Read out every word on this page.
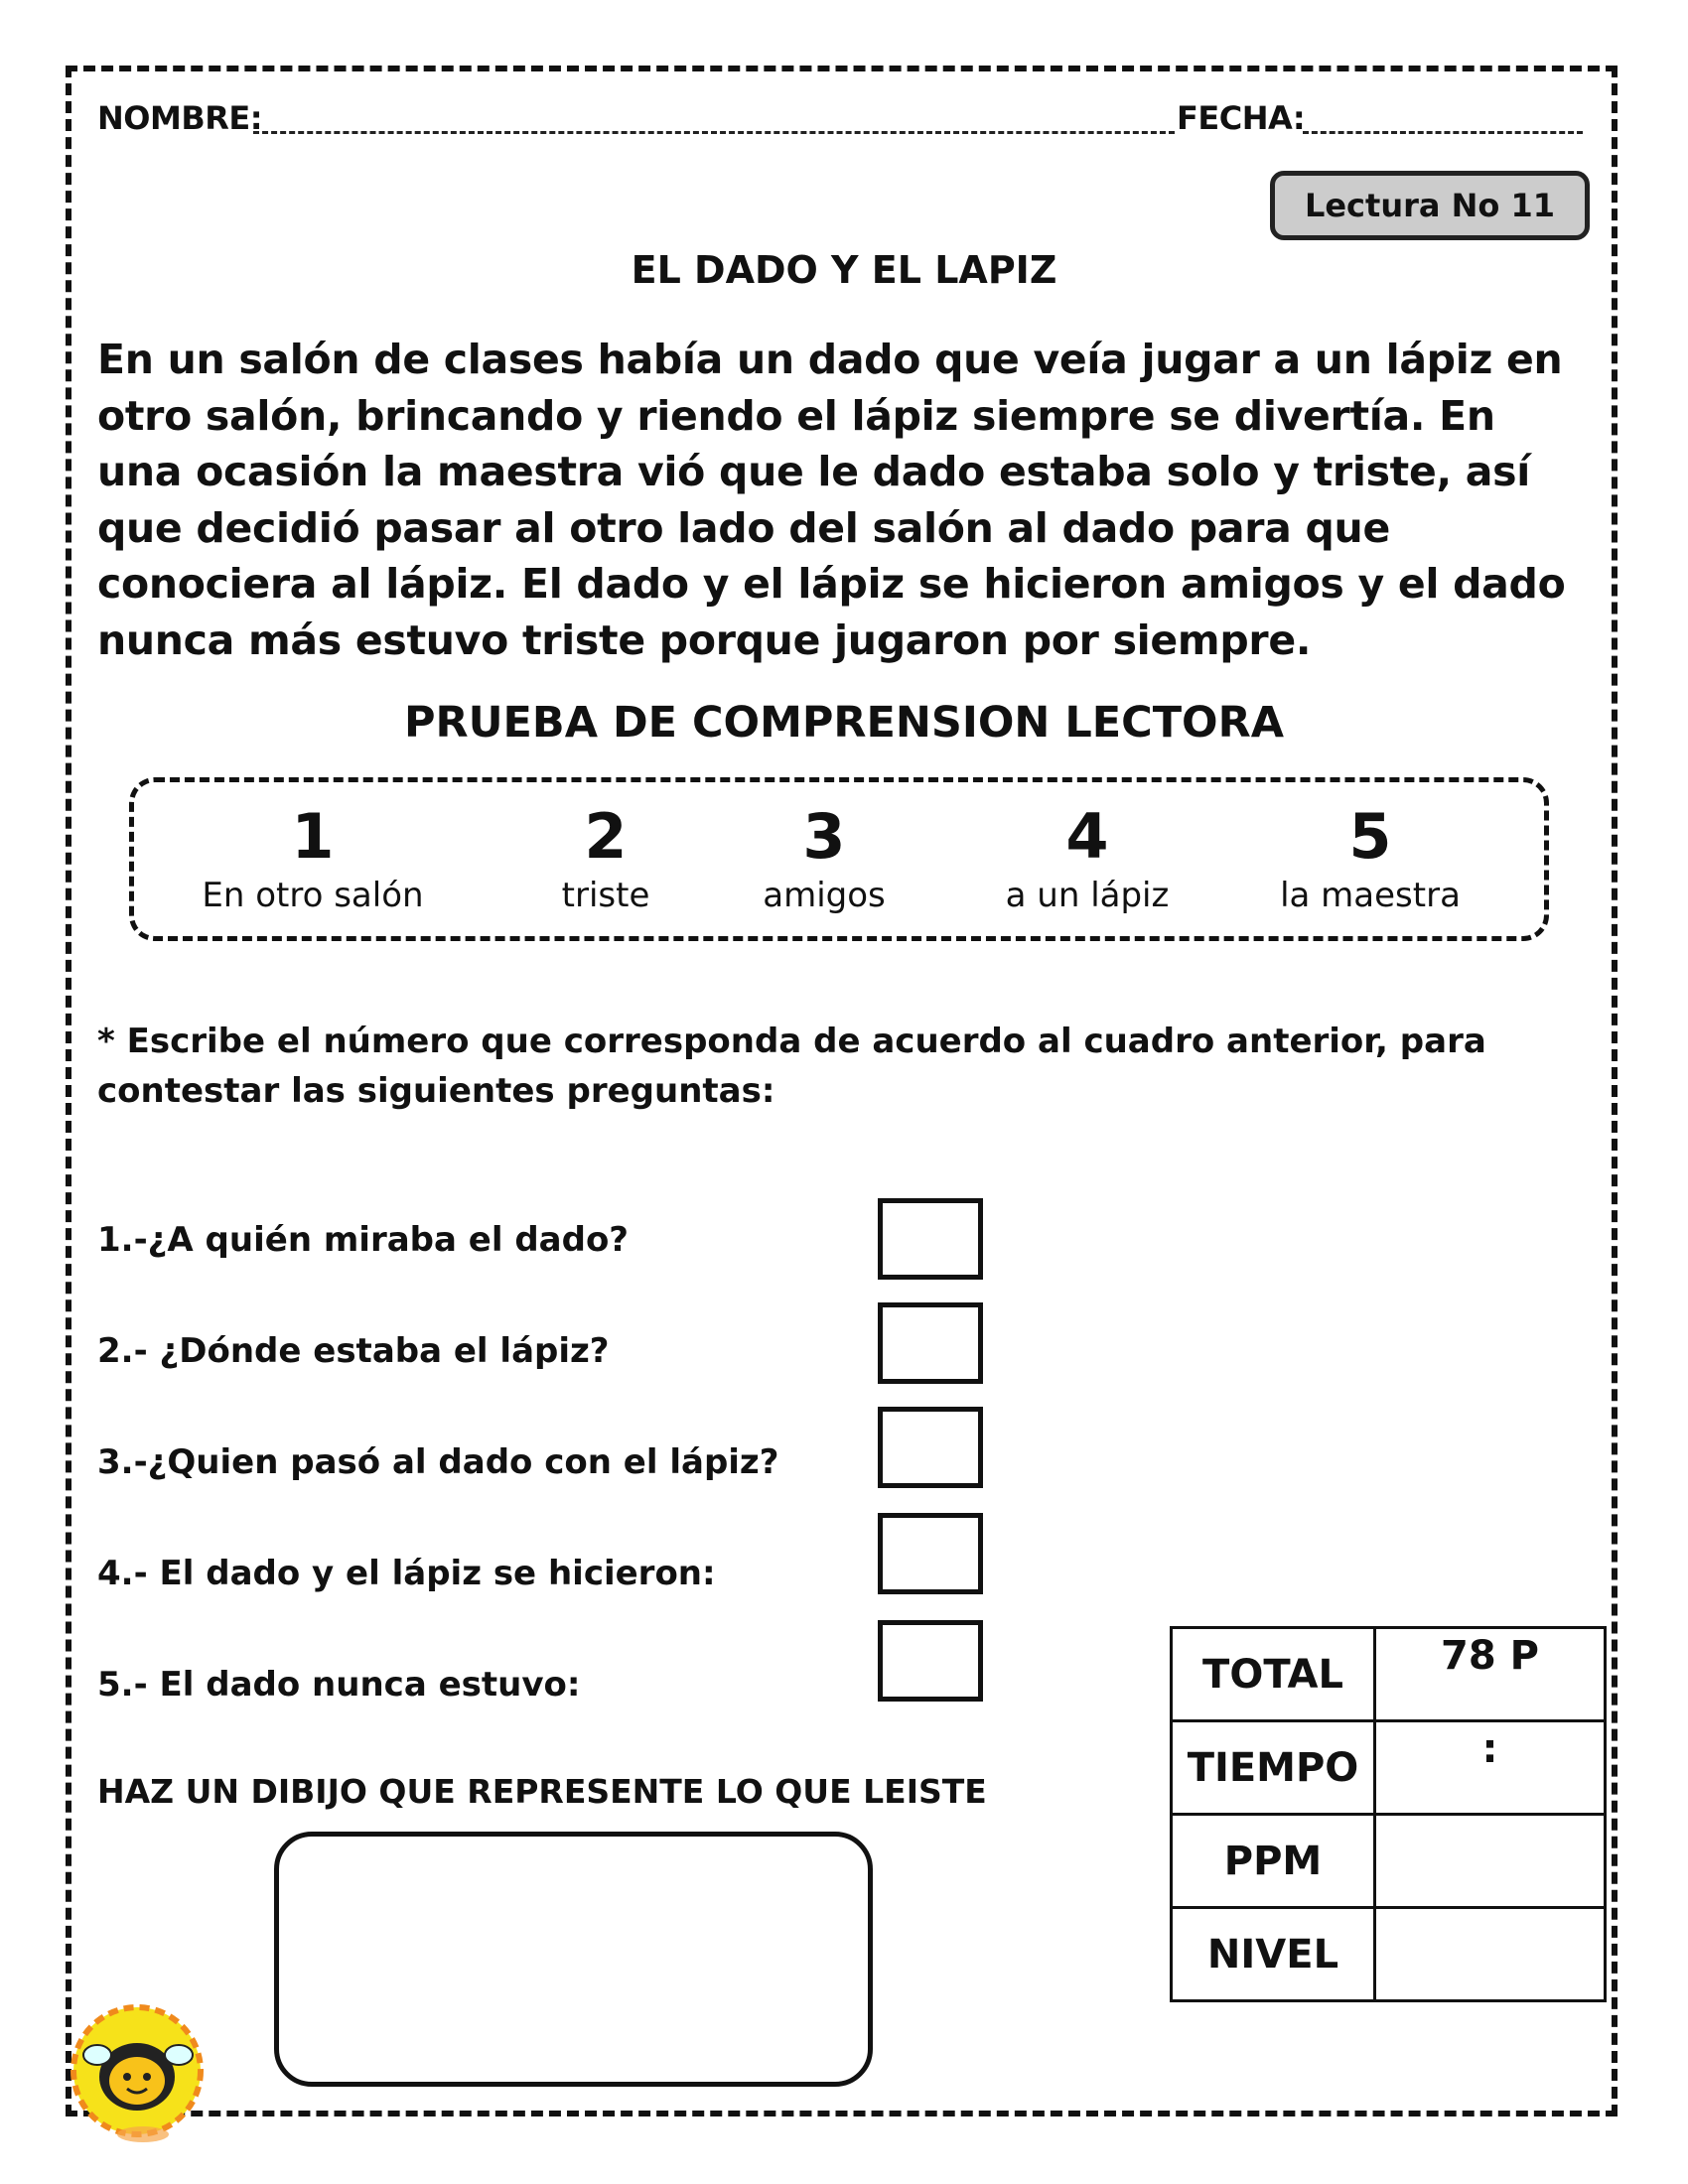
NOMBRE:	FECHA:
Lectura No 11
EL DADO Y EL LAPIZ
En un salón de clases había un dado que veía jugar a un lápiz en otro salón, brincando y riendo el lápiz siempre se divertía. En una ocasión la maestra vió que le dado estaba solo y triste, así que decidió pasar al otro lado del salón al dado para que conociera al lápiz. El dado y el lápiz se hicieron amigos y el dado nunca más estuvo triste porque jugaron por siempre.
PRUEBA DE COMPRENSION LECTORA
1
En otro salón
2
triste
3
amigos
4
a un lápiz
5
la maestra
* Escribe el número que corresponda de acuerdo al cuadro anterior, para contestar las siguientes preguntas:
1.-¿A quién miraba el dado?
2.- ¿Dónde estaba el lápiz?
3.-¿Quien pasó al dado con el lápiz?
4.- El dado y el lápiz se hicieron:
5.- El dado nunca estuvo:
HAZ UN DIBIJO QUE REPRESENTE LO QUE LEISTE
TOTAL	78 P
TIEMPO	:
PPM	
NIVEL	
